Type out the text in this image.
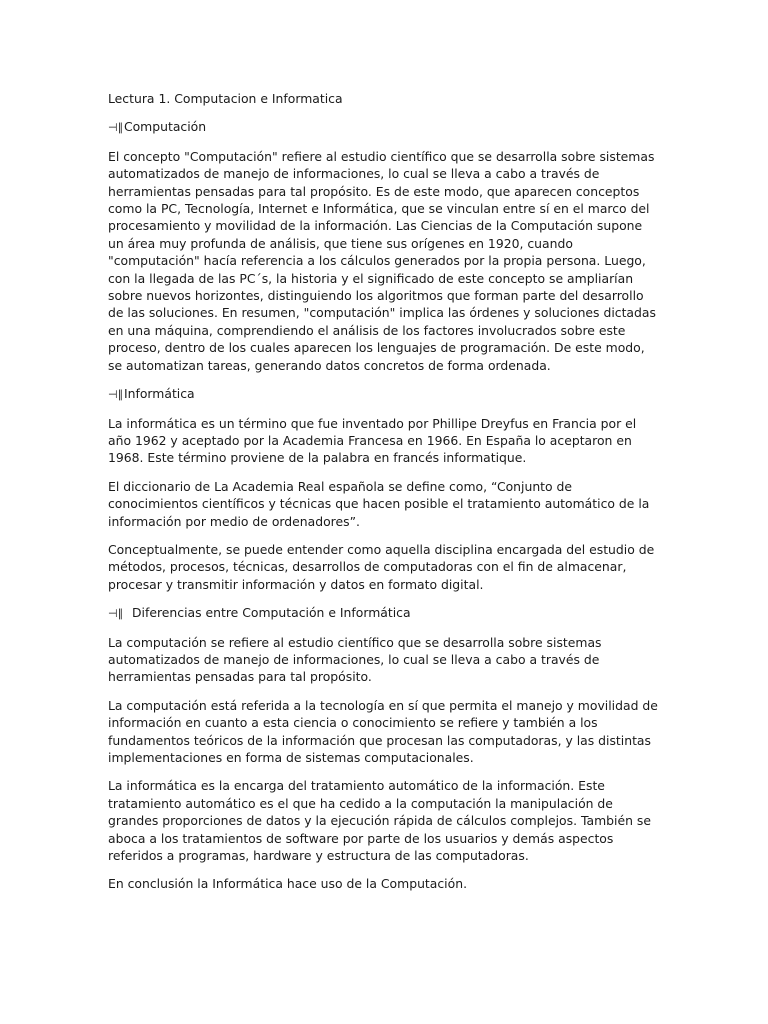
Lectura 1. Computacion e Informatica

⊣∥ Computación

El concepto "Computación" refiere al estudio científico que se desarrolla sobre sistemas automatizados de manejo de informaciones, lo cual se lleva a cabo a través de herramientas pensadas para tal propósito. Es de este modo, que aparecen conceptos como la PC, Tecnología, Internet e Informática, que se vinculan entre sí en el marco del procesamiento y movilidad de la información. Las Ciencias de la Computación supone un área muy profunda de análisis, que tiene sus orígenes en 1920, cuando "computación" hacía referencia a los cálculos generados por la propia persona. Luego, con la llegada de las PC´s, la historia y el significado de este concepto se ampliarían sobre nuevos horizontes, distinguiendo los algoritmos que forman parte del desarrollo de las soluciones. En resumen, "computación" implica las órdenes y soluciones dictadas en una máquina, comprendiendo el análisis de los factores involucrados sobre este proceso, dentro de los cuales aparecen los lenguajes de programación. De este modo, se automatizan tareas, generando datos concretos de forma ordenada.

⊣∥ Informática

La informática es un término que fue inventado por Phillipe Dreyfus en Francia por el año 1962 y aceptado por la Academia Francesa en 1966. En España lo aceptaron en 1968. Este término proviene de la palabra en francés informatique.

El diccionario de La Academia Real española se define como, “Conjunto de conocimientos científicos y técnicas que hacen posible el tratamiento automático de la información por medio de ordenadores”.

Conceptualmente, se puede entender como aquella disciplina encargada del estudio de métodos, procesos, técnicas, desarrollos de computadoras con el fin de almacenar, procesar y transmitir información y datos en formato digital.

⊣∥ Diferencias entre Computación e Informática

La computación se refiere al estudio científico que se desarrolla sobre sistemas automatizados de manejo de informaciones, lo cual se lleva a cabo a través de herramientas pensadas para tal propósito.

La computación está referida a la tecnología en sí que permita el manejo y movilidad de información en cuanto a esta ciencia o conocimiento se refiere y también a los fundamentos teóricos de la información que procesan las computadoras, y las distintas implementaciones en forma de sistemas computacionales.

La informática es la encarga del tratamiento automático de la información. Este tratamiento automático es el que ha cedido a la computación la manipulación de grandes proporciones de datos y la ejecución rápida de cálculos complejos. También se aboca a los tratamientos de software por parte de los usuarios y demás aspectos referidos a programas, hardware y estructura de las computadoras.

En conclusión la Informática hace uso de la Computación.
